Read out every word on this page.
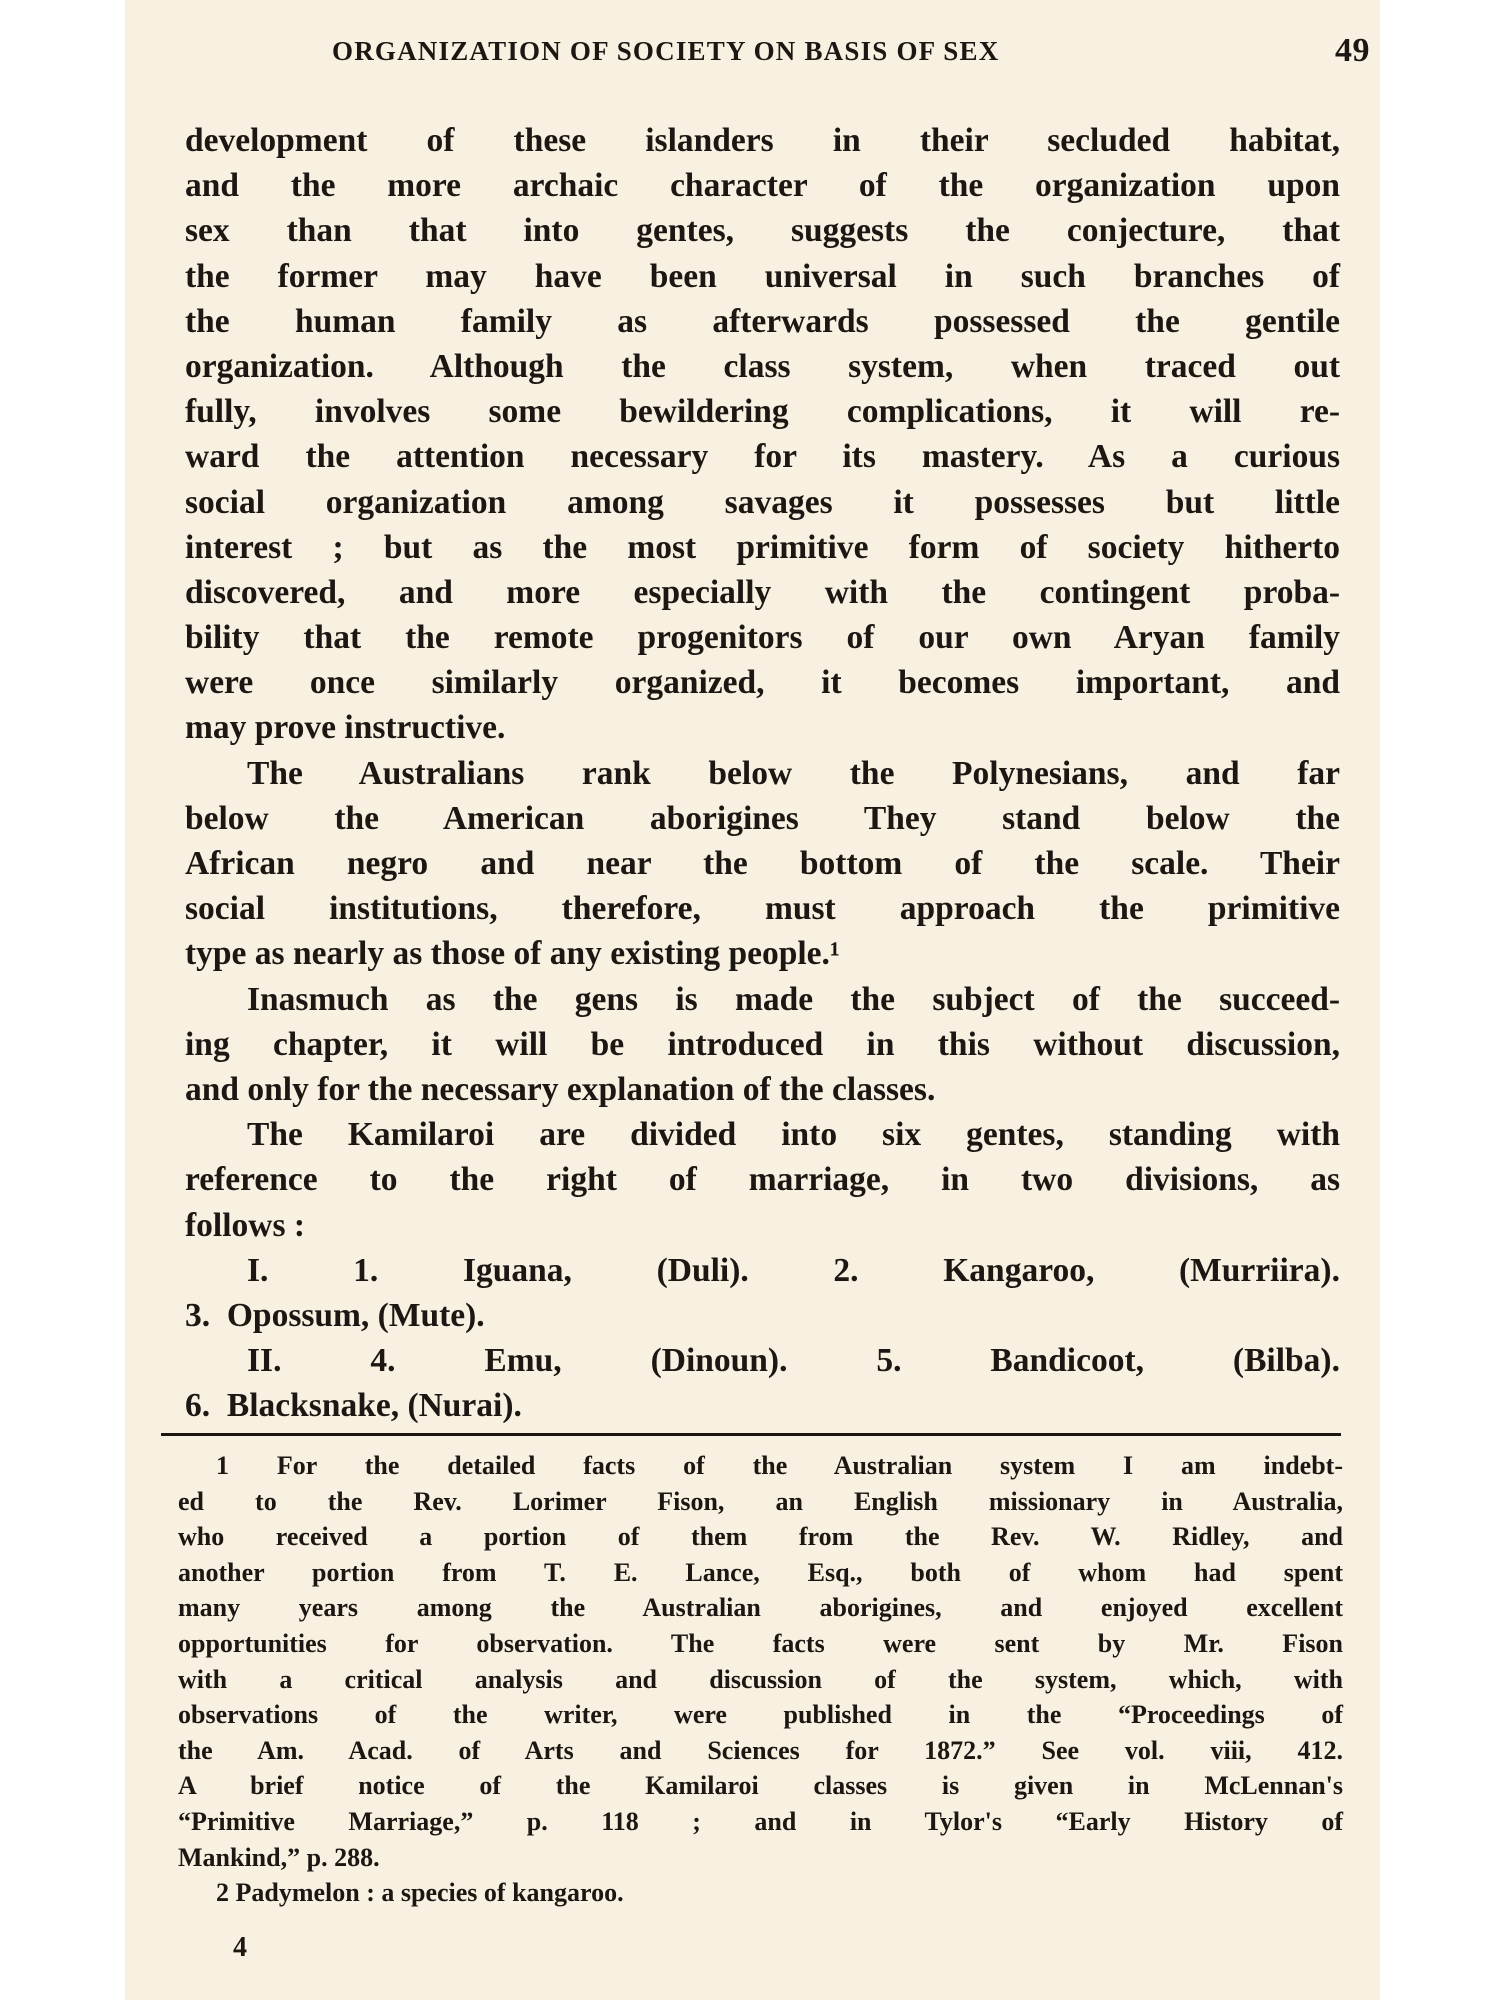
ORGANIZATION OF SOCIETY ON BASIS OF SEX	49

development of these islanders in their secluded habitat,
and the more archaic character of the organization upon
sex than that into gentes, suggests the conjecture, that
the former may have been universal in such branches of
the human family as afterwards possessed the gentile
organization. Although the class system, when traced out
fully, involves some bewildering complications, it will re-
ward the attention necessary for its mastery. As a curious
social organization among savages it possesses but little
interest ; but as the most primitive form of society hitherto
discovered, and more especially with the contingent proba-
bility that the remote progenitors of our own Aryan family
were once similarly organized, it becomes important, and
may prove instructive.

The Australians rank below the Polynesians, and far
below the American aborigines They stand below the
African negro and near the bottom of the scale. Their
social institutions, therefore, must approach the primitive
type as nearly as those of any existing people.¹

Inasmuch as the gens is made the subject of the succeed-
ing chapter, it will be introduced in this without discussion,
and only for the necessary explanation of the classes.

The Kamilaroi are divided into six gentes, standing with
reference to the right of marriage, in two divisions, as
follows :

I.	1.	Iguana,	(Duli).	2.	Kangaroo,	(Murriira).
3.  Opossum, (Mute).
II.	4.	Emu,	(Dinoun).	5.	Bandicoot,	(Bilba).
6.  Blacksnake, (Nurai).
1 For the detailed facts of the Australian system I am indebt-
ed to the Rev. Lorimer Fison, an English missionary in Australia,
who received a portion of them from the Rev. W. Ridley, and
another portion from T. E. Lance, Esq., both of whom had spent
many years among the Australian aborigines, and enjoyed excellent
opportunities for observation. The facts were sent by Mr. Fison
with a critical analysis and discussion of the system, which, with
observations of the writer, were published in the “Proceedings of
the Am. Acad. of Arts and Sciences for 1872.” See vol. viii, 412.
A brief notice of the Kamilaroi classes is given in McLennan's
“Primitive Marriage,” p. 118 ; and in Tylor's “Early History of
Mankind,” p. 288.
2 Padymelon : a species of kangaroo.
4
